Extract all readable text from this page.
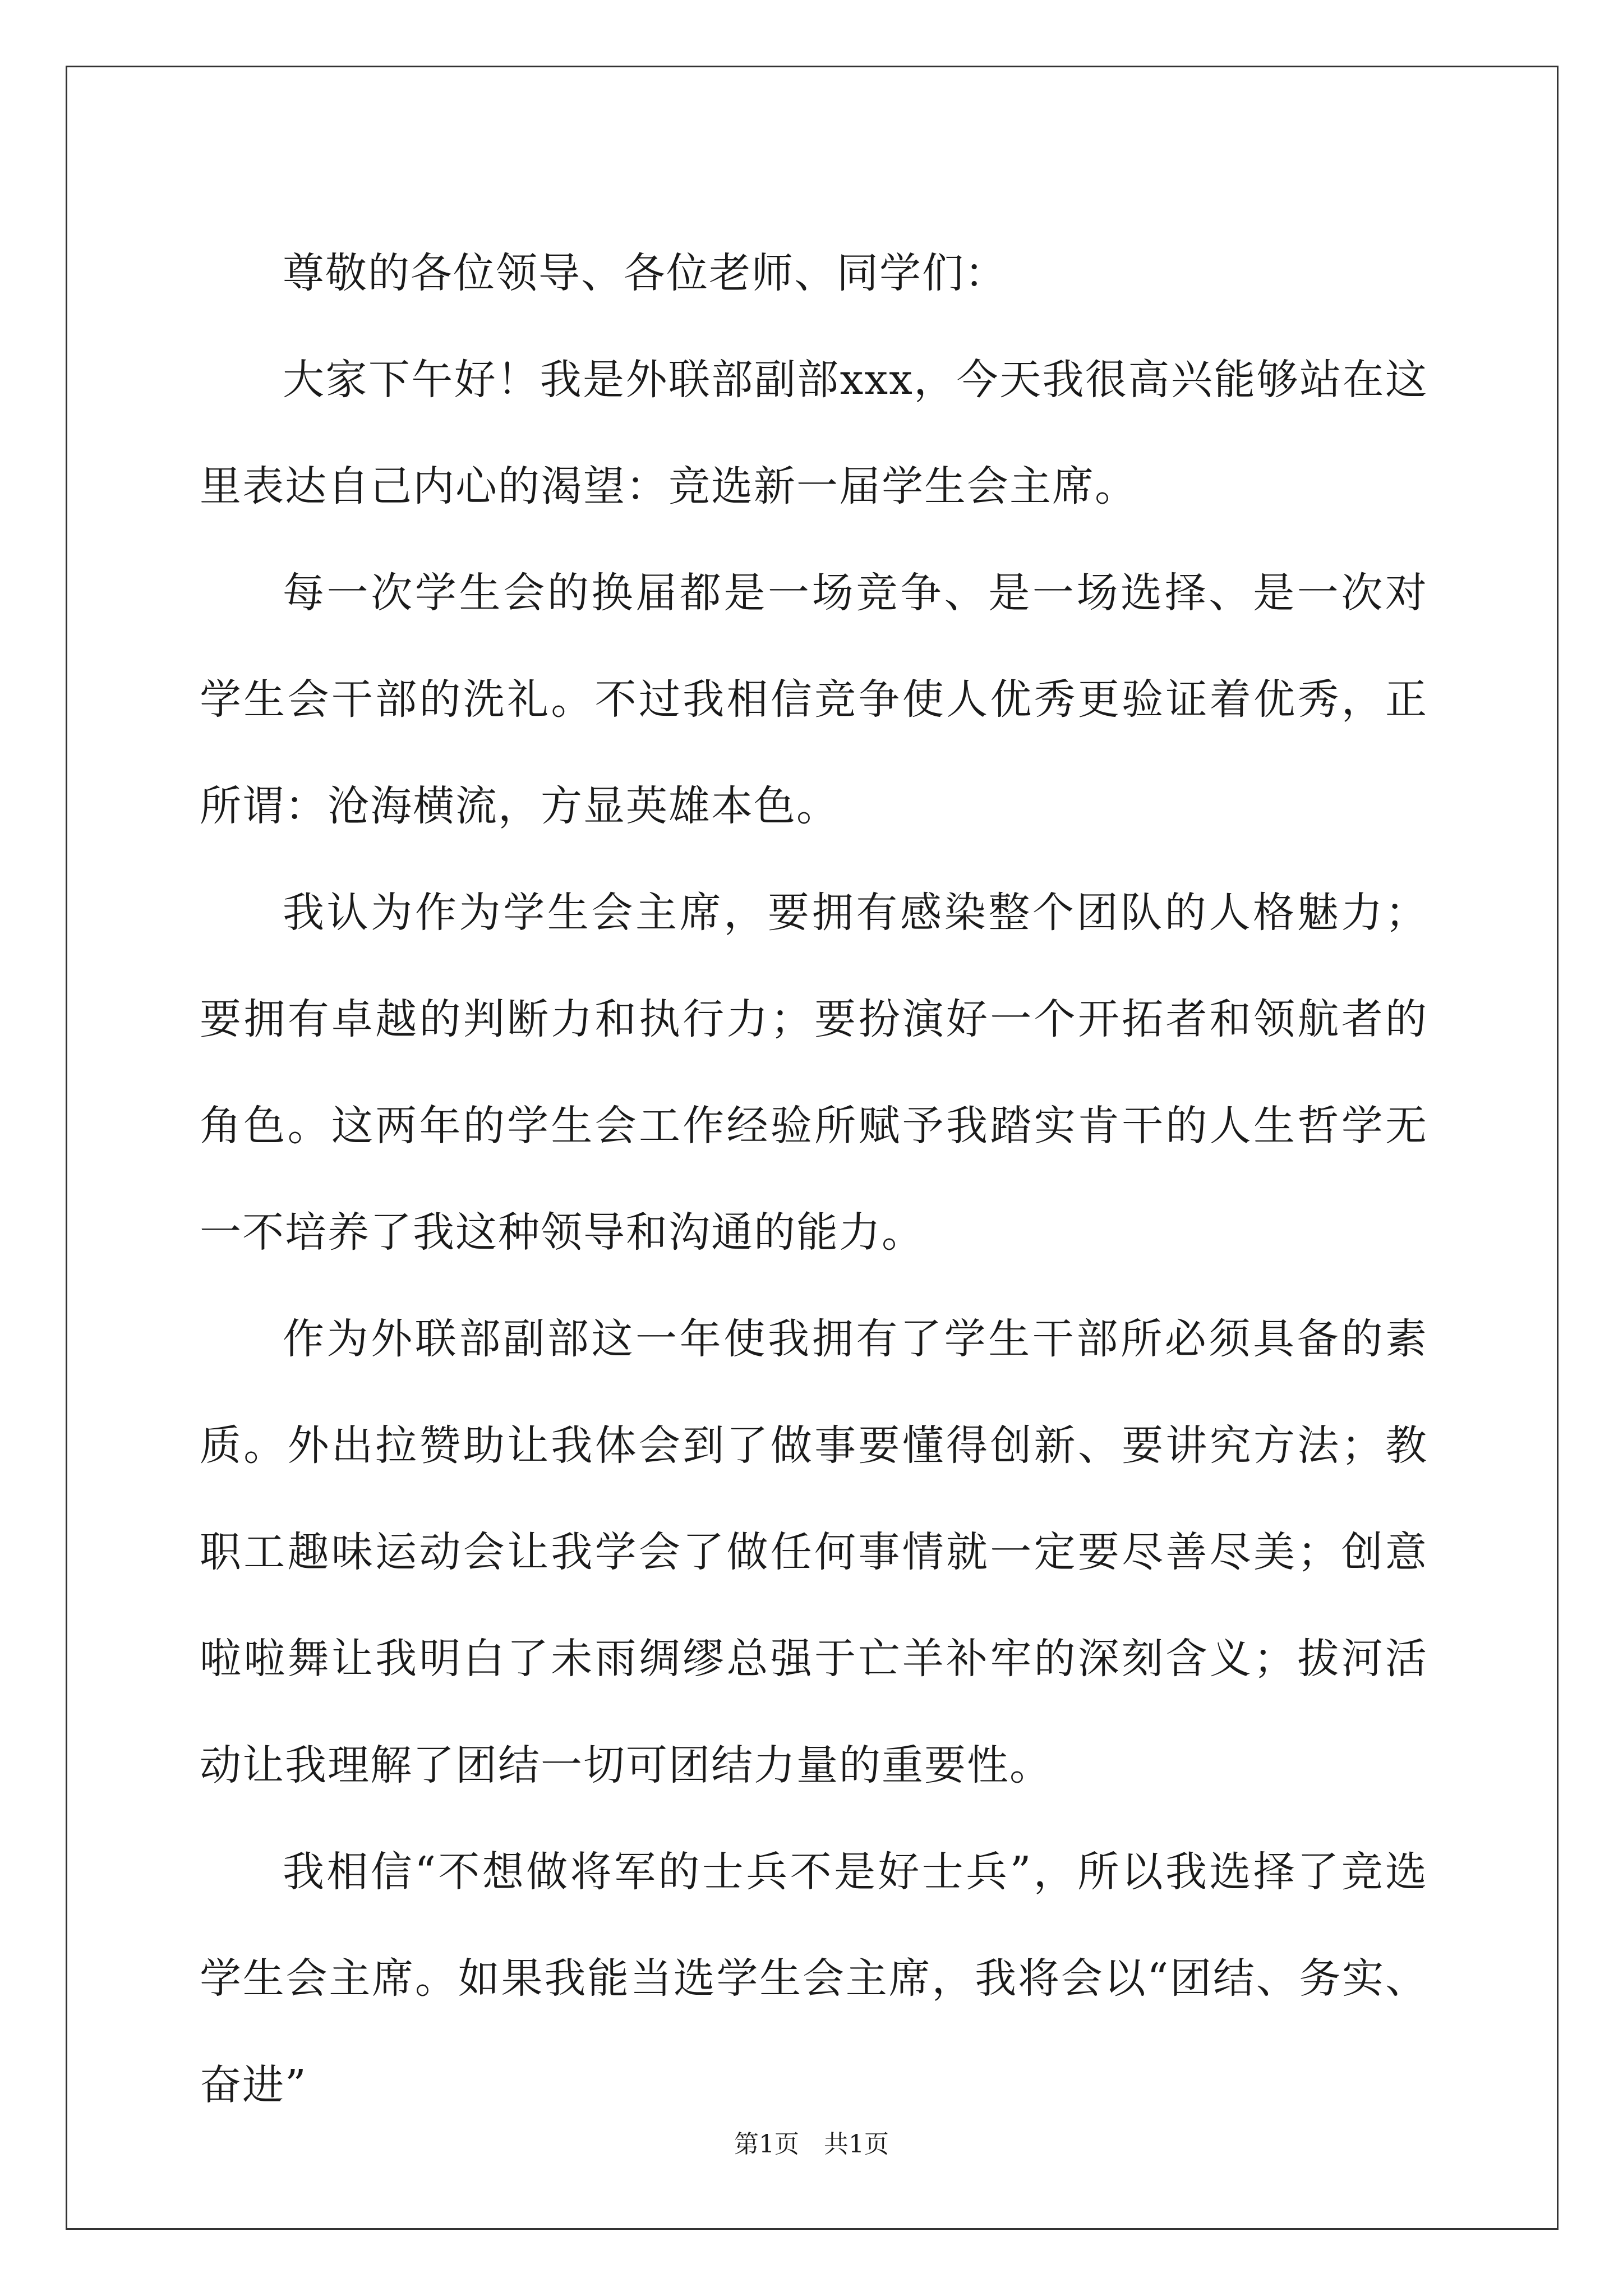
尊敬的各位领导、各位老师、同学们：

大家下午好！我是外联部副部xxx，今天我很高兴能够站在这里表达自己内心的渴望：竞选新一届学生会主席。

每一次学生会的换届都是一场竞争、是一场选择、是一次对学生会干部的洗礼。不过我相信竞争使人优秀更验证着优秀，正所谓：沧海横流，方显英雄本色。

我认为作为学生会主席，要拥有感染整个团队的人格魅力；要拥有卓越的判断力和执行力；要扮演好一个开拓者和领航者的角色。这两年的学生会工作经验所赋予我踏实肯干的人生哲学无一不培养了我这种领导和沟通的能力。

作为外联部副部这一年使我拥有了学生干部所必须具备的素质。外出拉赞助让我体会到了做事要懂得创新、要讲究方法；教职工趣味运动会让我学会了做任何事情就一定要尽善尽美；创意啦啦舞让我明白了未雨绸缪总强于亡羊补牢的深刻含义；拔河活动让我理解了团结一切可团结力量的重要性。

我相信“不想做将军的士兵不是好士兵”，所以我选择了竞选学生会主席。如果我能当选学生会主席，我将会以“团结、务实、奋进”

第1页　共1页
